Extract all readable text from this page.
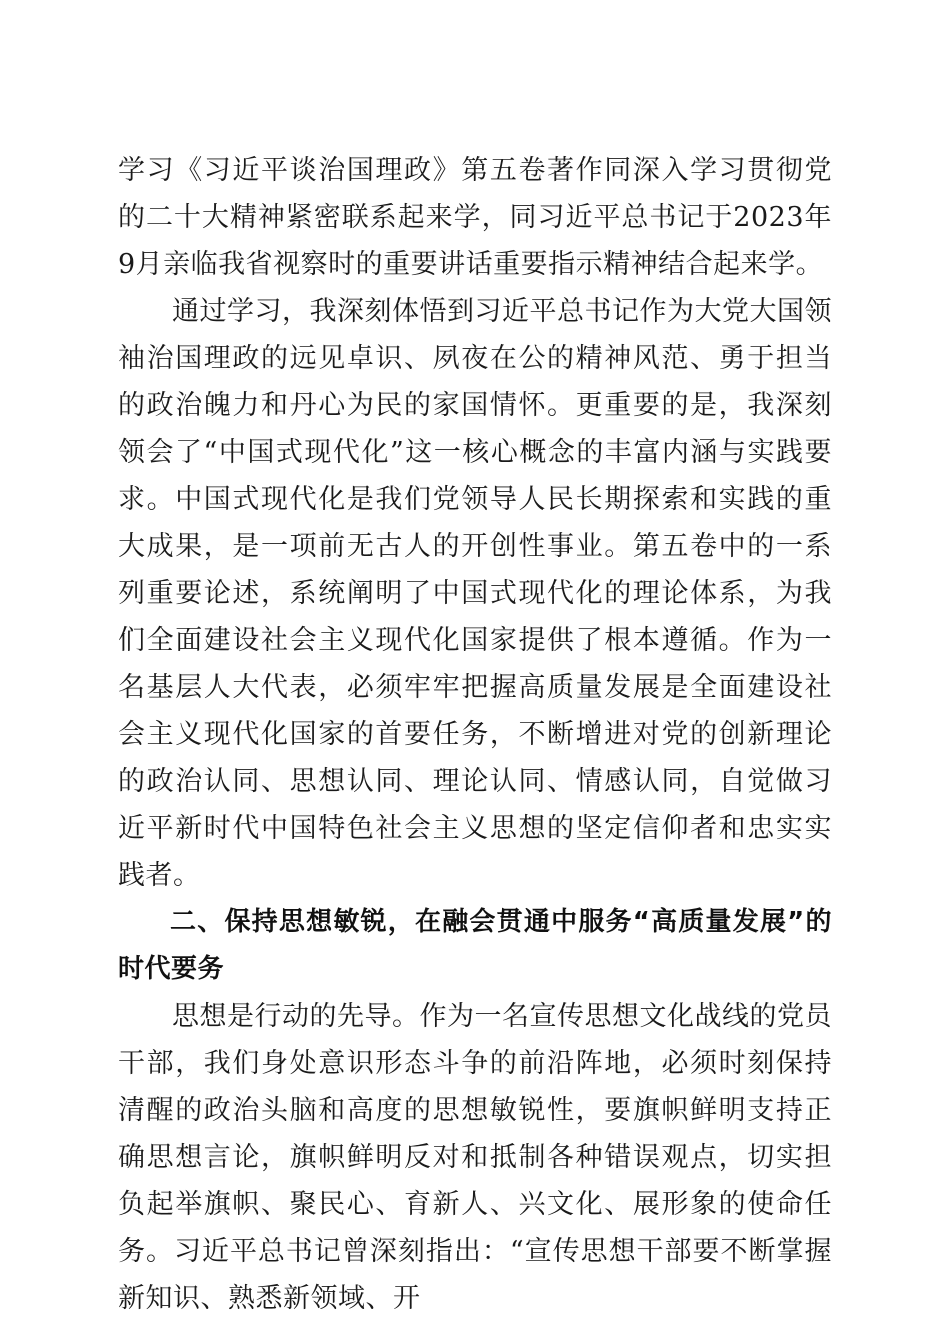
学习《习近平谈治国理政》第五卷著作同深入学习贯彻党的二十大精神紧密联系起来学，同习近平总书记于2023年9月亲临我省视察时的重要讲话重要指示精神结合起来学。

通过学习，我深刻体悟到习近平总书记作为大党大国领袖治国理政的远见卓识、夙夜在公的精神风范、勇于担当的政治魄力和丹心为民的家国情怀。更重要的是，我深刻领会了“中国式现代化”这一核心概念的丰富内涵与实践要求。中国式现代化是我们党领导人民长期探索和实践的重大成果，是一项前无古人的开创性事业。第五卷中的一系列重要论述，系统阐明了中国式现代化的理论体系，为我们全面建设社会主义现代化国家提供了根本遵循。作为一名基层人大代表，必须牢牢把握高质量发展是全面建设社会主义现代化国家的首要任务，不断增进对党的创新理论的政治认同、思想认同、理论认同、情感认同，自觉做习近平新时代中国特色社会主义思想的坚定信仰者和忠实实践者。

二、保持思想敏锐，在融会贯通中服务“高质量发展”的时代要务

思想是行动的先导。作为一名宣传思想文化战线的党员干部，我们身处意识形态斗争的前沿阵地，必须时刻保持清醒的政治头脑和高度的思想敏锐性，要旗帜鲜明支持正确思想言论，旗帜鲜明反对和抵制各种错误观点，切实担负起举旗帜、聚民心、育新人、兴文化、展形象的使命任务。习近平总书记曾深刻指出：“宣传思想干部要不断掌握新知识、熟悉新领域、开
